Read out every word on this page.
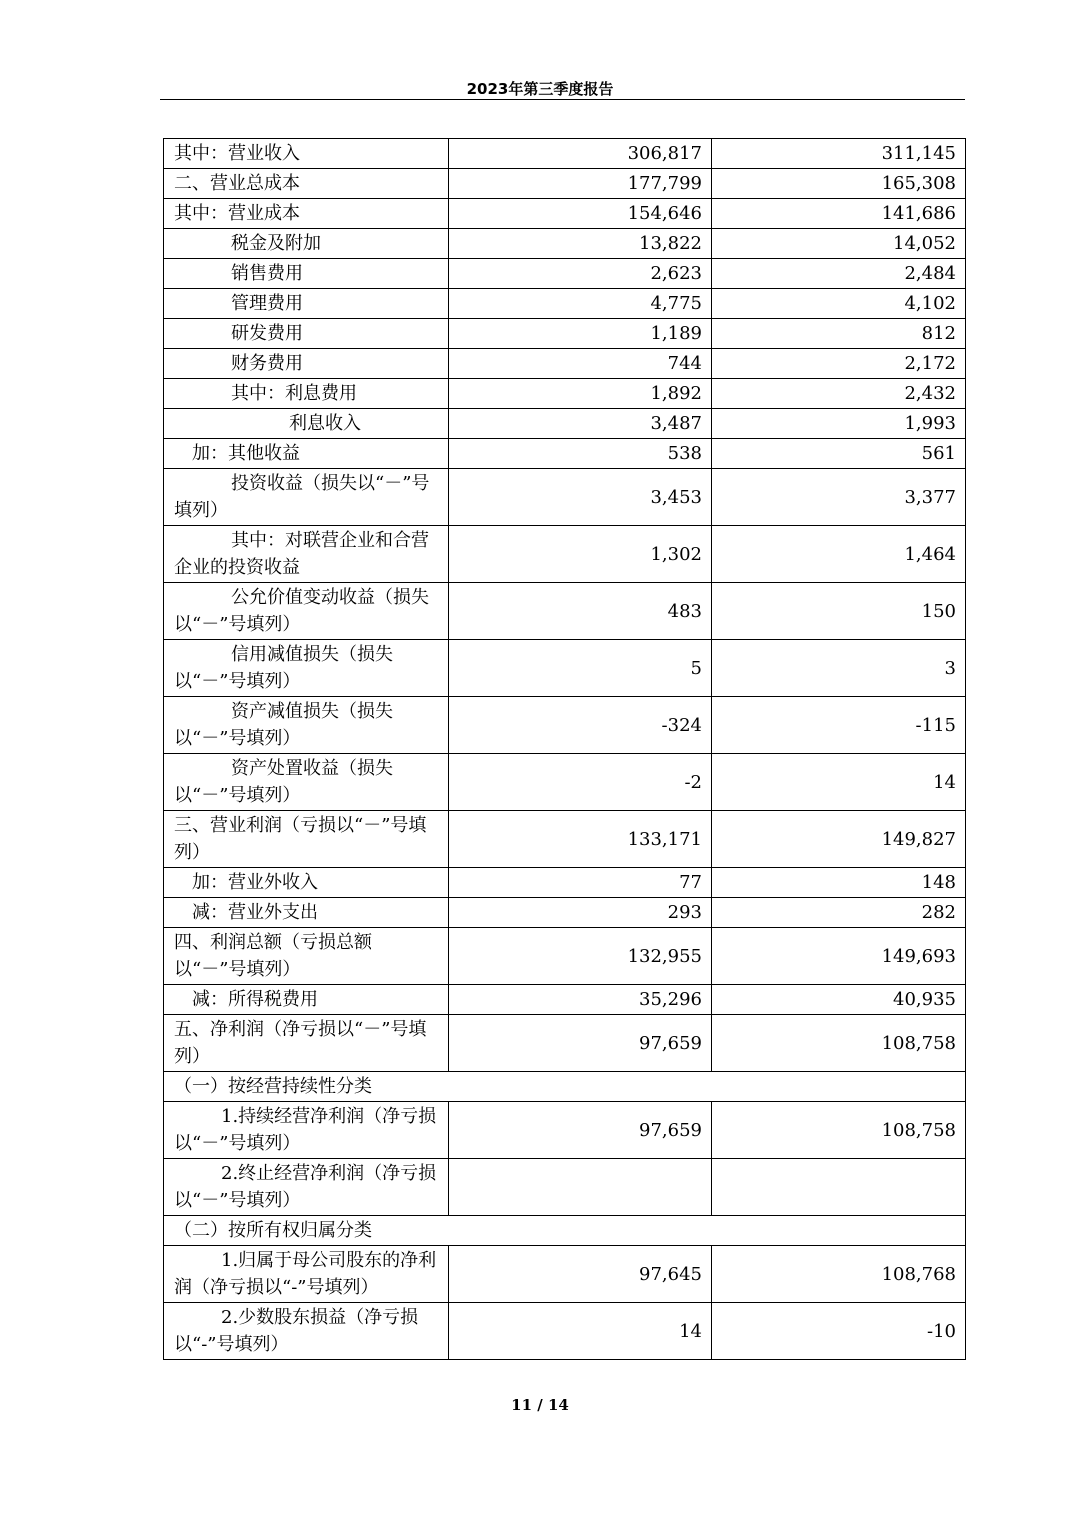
2023年第三季度报告
其中：营业收入	306,817	311,145
二、营业总成本	177,799	165,308
其中：营业成本	154,646	141,686
税金及附加	13,822	14,052
销售费用	2,623	2,484
管理费用	4,775	4,102
研发费用	1,189	812
财务费用	744	2,172
其中：利息费用	1,892	2,432
利息收入	3,487	1,993
加：其他收益	538	561
投资收益（损失以“－”号填列）	3,453	3,377
其中：对联营企业和合营企业的投资收益	1,302	1,464
公允价值变动收益（损失以“－”号填列）	483	150
信用减值损失（损失以“－”号填列）	5	3
资产减值损失（损失以“－”号填列）	-324	-115
资产处置收益（损失以“－”号填列）	-2	14
三、营业利润（亏损以“－”号填列）	133,171	149,827
加：营业外收入	77	148
减：营业外支出	293	282
四、利润总额（亏损总额以“－”号填列）	132,955	149,693
减：所得税费用	35,296	40,935
五、净利润（净亏损以“－”号填列）	97,659	108,758
（一）按经营持续性分类		
1.持续经营净利润（净亏损以“－”号填列）	97,659	108,758
2.终止经营净利润（净亏损以“－”号填列）		
（二）按所有权归属分类		
1.归属于母公司股东的净利润（净亏损以“-”号填列）	97,645	108,768
2.少数股东损益（净亏损以“-”号填列）	14	-10
11 / 14
